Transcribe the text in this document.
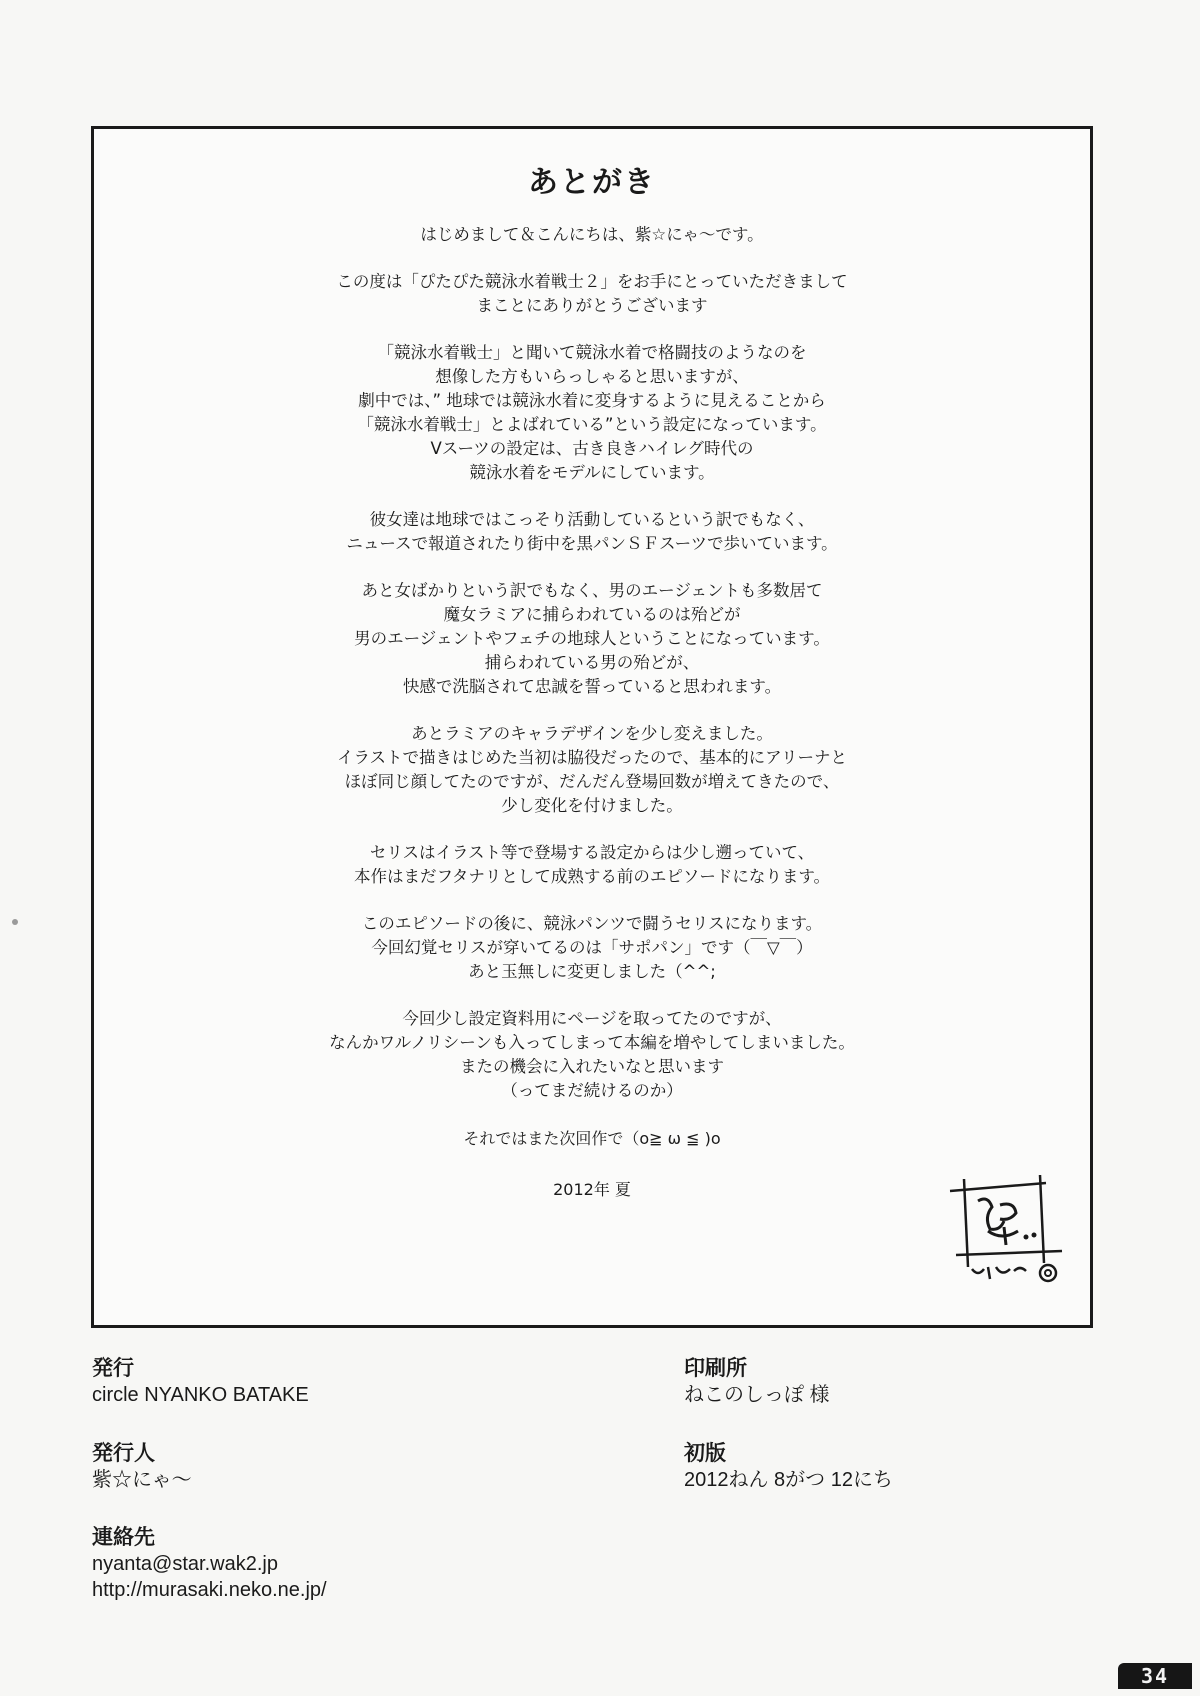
あとがき
はじめまして＆こんにちは、紫☆にゃ～です。
この度は「ぴたぴた競泳水着戦士２」をお手にとっていただきまして
まことにありがとうございます
「競泳水着戦士」と聞いて競泳水着で格闘技のようなのを
想像した方もいらっしゃると思いますが、
劇中では、” 地球では競泳水着に変身するように見えることから
「競泳水着戦士」とよばれている”という設定になっています。
Vスーツの設定は、古き良きハイレグ時代の
競泳水着をモデルにしています。
彼女達は地球ではこっそり活動しているという訳でもなく、
ニュースで報道されたり街中を黒パンＳＦスーツで歩いています。
あと女ばかりという訳でもなく、男のエージェントも多数居て
魔女ラミアに捕らわれているのは殆どが
男のエージェントやフェチの地球人ということになっています。
捕らわれている男の殆どが、
快感で洗脳されて忠誠を誓っていると思われます。
あとラミアのキャラデザインを少し変えました。
イラストで描きはじめた当初は脇役だったので、基本的にアリーナと
ほぼ同じ顔してたのですが、だんだん登場回数が増えてきたので、
少し変化を付けました。
セリスはイラスト等で登場する設定からは少し遡っていて、
本作はまだフタナリとして成熟する前のエピソードになります。
このエピソードの後に、競泳パンツで闘うセリスになります。
今回幻覚セリスが穿いてるのは「サポパン」です（￣▽￣）
あと玉無しに変更しました（^^;
今回少し設定資料用にページを取ってたのですが、
なんかワルノリシーンも入ってしまって本編を増やしてしまいました。
またの機会に入れたいなと思います
（ってまだ続けるのか）
それではまた次回作で（o≧ ω ≦ )o
2012年 夏
発行
circle NYANKO BATAKE
発行人
紫☆にゃ～
連絡先
nyanta@star.wak2.jp
http://murasaki.neko.ne.jp/
印刷所
ねこのしっぽ 様
初版
2012ねん 8がつ 12にち
34
